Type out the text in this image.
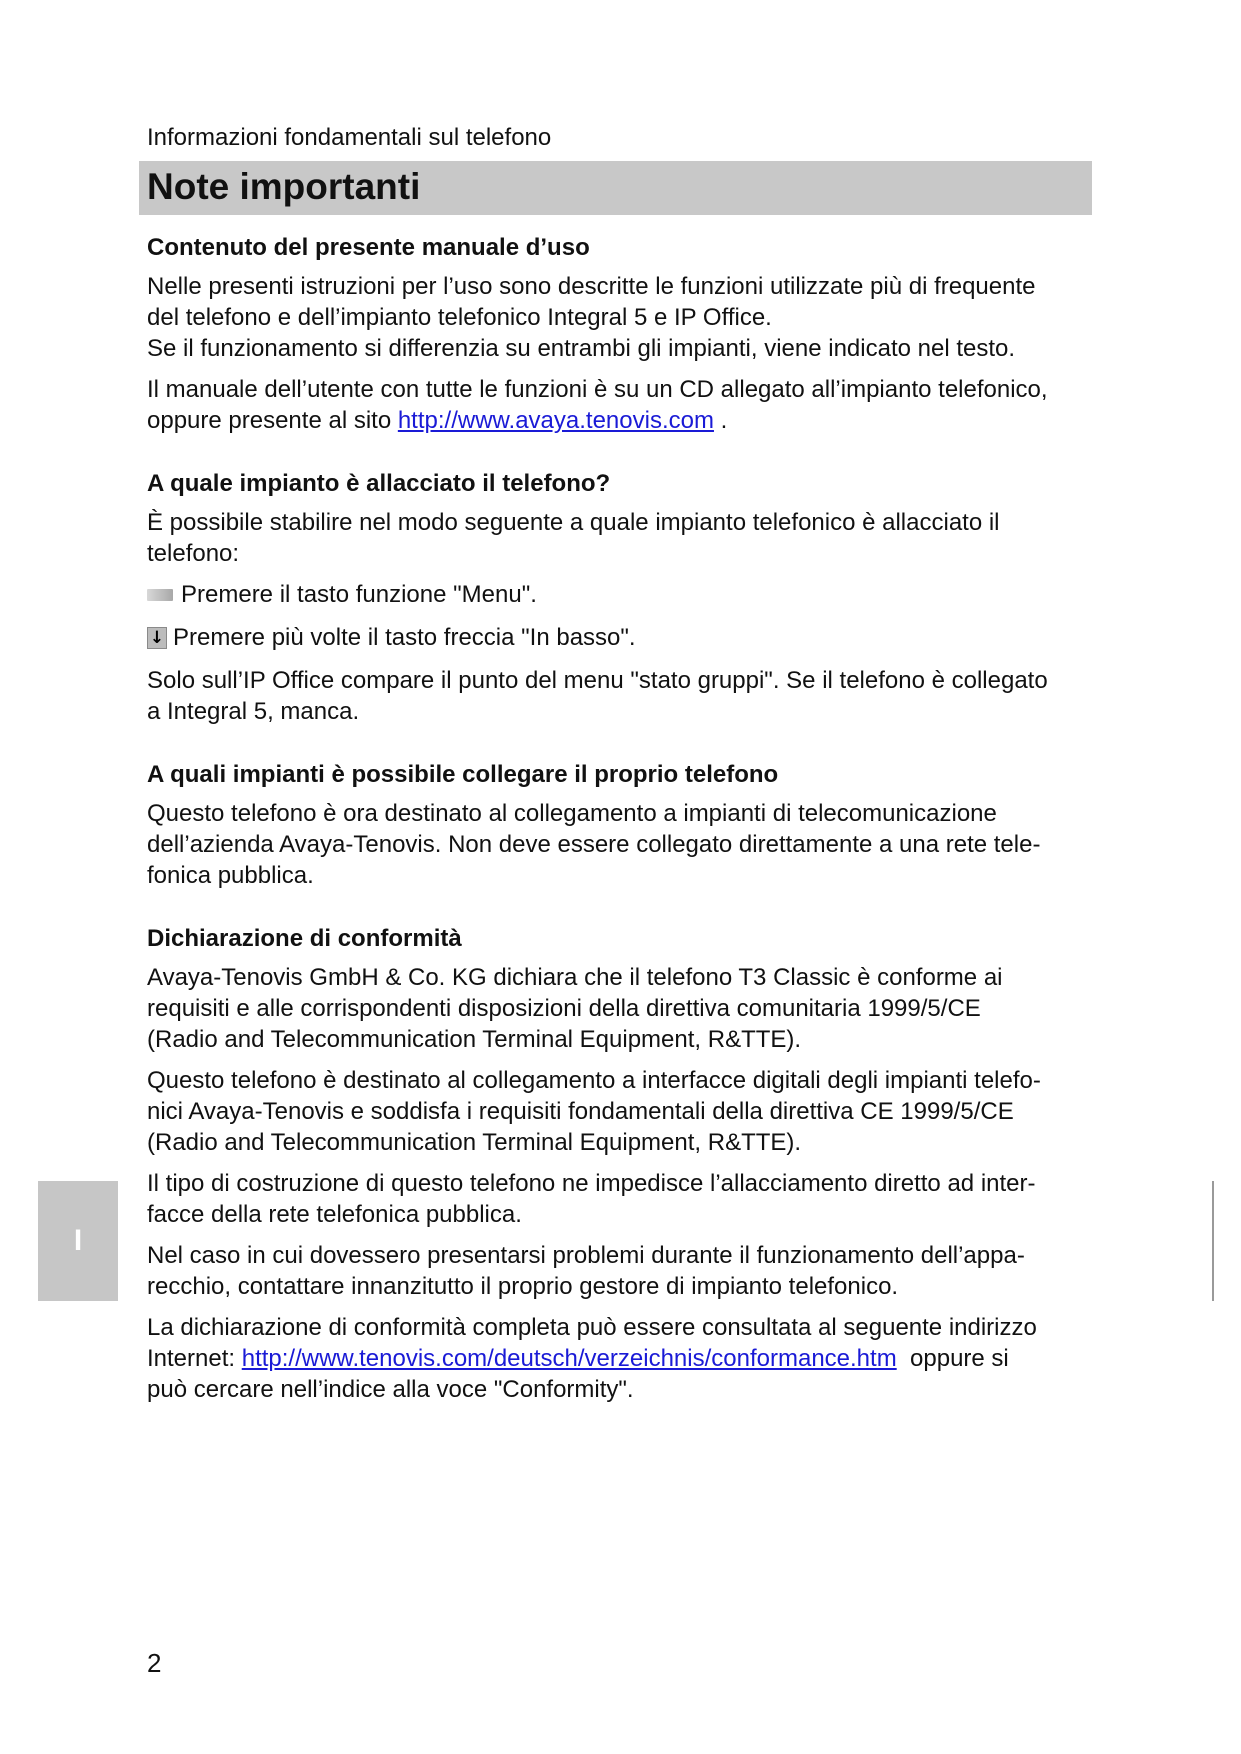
Informazioni fondamentali sul telefono
Note importanti
Contenuto del presente manuale d’uso

Nelle presenti istruzioni per l’uso sono descritte le funzioni utilizzate più di frequente
del telefono e dell’impianto telefonico Integral 5 e IP Office.
Se il funzionamento si differenzia su entrambi gli impianti, viene indicato nel testo.

Il manuale dell’utente con tutte le funzioni è su un CD allegato all’impianto telefonico,
oppure presente al sito http://www.avaya.tenovis.com .

A quale impianto è allacciato il telefono?

È possibile stabilire nel modo seguente a quale impianto telefonico è allacciato il
telefono:

Premere il tasto funzione "Menu".
↓ Premere più volte il tasto freccia "In basso".

Solo sull’IP Office compare il punto del menu "stato gruppi". Se il telefono è collegato
a Integral 5, manca.

A quali impianti è possibile collegare il proprio telefono

Questo telefono è ora destinato al collegamento a impianti di telecomunicazione
dell’azienda Avaya-Tenovis. Non deve essere collegato direttamente a una rete tele-
fonica pubblica.

Dichiarazione di conformità

Avaya-Tenovis GmbH & Co. KG dichiara che il telefono T3 Classic è conforme ai
requisiti e alle corrispondenti disposizioni della direttiva comunitaria 1999/5/CE
(Radio and Telecommunication Terminal Equipment, R&TTE).

Questo telefono è destinato al collegamento a interfacce digitali degli impianti telefo-
nici Avaya-Tenovis e soddisfa i requisiti fondamentali della direttiva CE 1999/5/CE
(Radio and Telecommunication Terminal Equipment, R&TTE).

Il tipo di costruzione di questo telefono ne impedisce l’allacciamento diretto ad inter-
facce della rete telefonica pubblica.

Nel caso in cui dovessero presentarsi problemi durante il funzionamento dell’appa-
recchio, contattare innanzitutto il proprio gestore di impianto telefonico.

La dichiarazione di conformità completa può essere consultata al seguente indirizzo
Internet: http://www.tenovis.com/deutsch/verzeichnis/conformance.htm  oppure si
può cercare nell’indice alla voce "Conformity".

I
2
